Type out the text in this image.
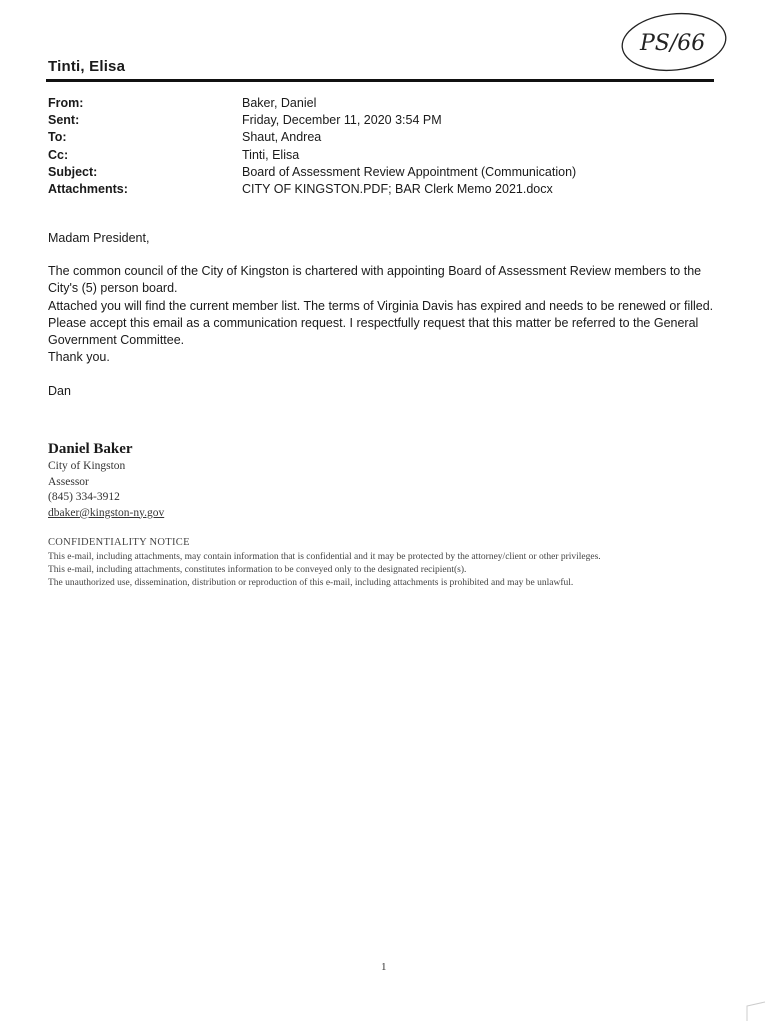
PS/66
Tinti, Elisa
From:	Baker, Daniel
Sent:	Friday, December 11, 2020 3:54 PM
To:	Shaut, Andrea
Cc:	Tinti, Elisa
Subject:	Board of Assessment Review Appointment (Communication)
Attachments:	CITY OF KINGSTON.PDF; BAR Clerk Memo 2021.docx

Madam President,

The common council of the City of Kingston is chartered with appointing Board of Assessment Review members to the City's (5) person board.

Attached you will find the current member list. The terms of Virginia Davis has expired and needs to be renewed or filled.

Please accept this email as a communication request. I respectfully request that this matter be referred to the General Government Committee.

Thank you.

Dan

Daniel Baker
City of Kingston
Assessor
(845) 334-3912
dbaker@kingston-ny.gov
CONFIDENTIALITY NOTICE
This e-mail, including attachments, may contain information that is confidential and it may be protected by the attorney/client or other privileges.
This e-mail, including attachments, constitutes information to be conveyed only to the designated recipient(s).
The unauthorized use, dissemination, distribution or reproduction of this e-mail, including attachments is prohibited and may be unlawful.
1
